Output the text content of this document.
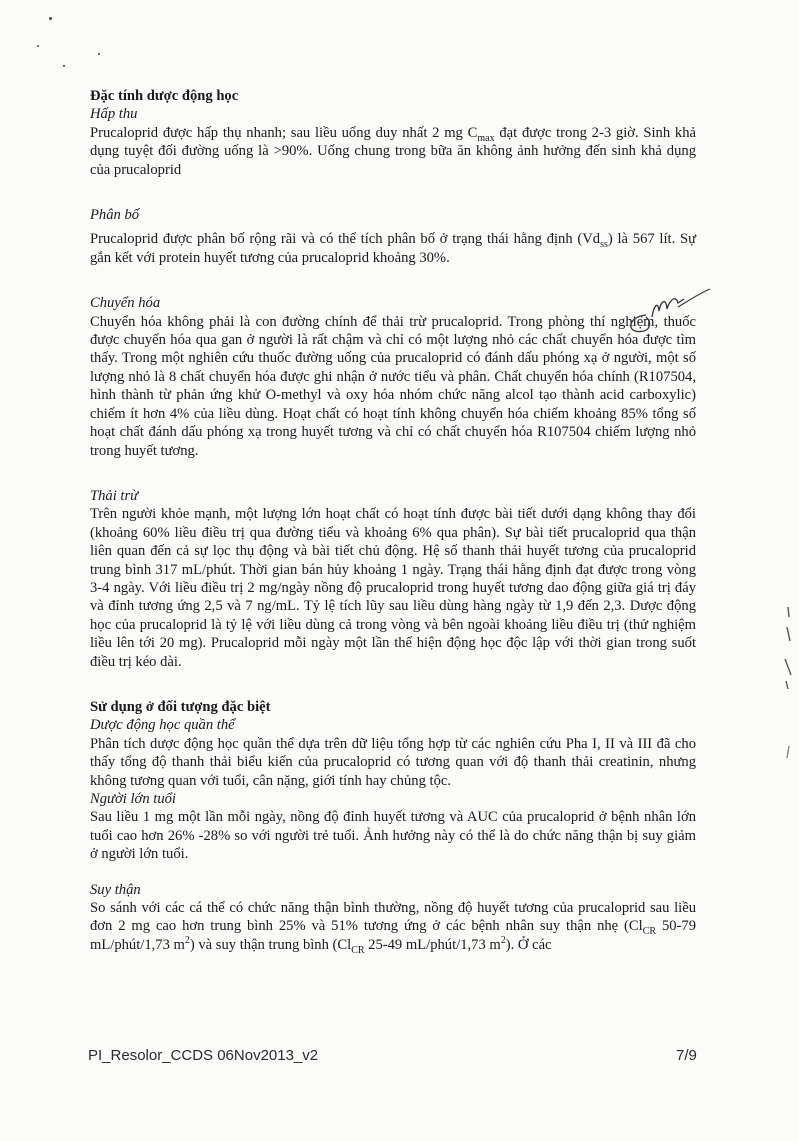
Đặc tính dược động học

Hấp thu

Prucaloprid được hấp thụ nhanh; sau liều uống duy nhất 2 mg $C_{max}$ đạt được trong 2-3 giờ. Sinh khả dụng tuyệt đối đường uống là >90%. Uống chung trong bữa ăn không ảnh hưởng đến sinh khả dụng của prucaloprid

Phân bố

Prucaloprid được phân bố rộng rãi và có thể tích phân bố ở trạng thái hằng định $(Vd_{ss})$ là 567 lít. Sự gắn kết với protein huyết tương của prucaloprid khoảng 30%.

Chuyển hóa

Chuyển hóa không phải là con đường chính để thải trừ prucaloprid. Trong phòng thí nghiệm, thuốc được chuyển hóa qua gan ở người là rất chậm và chỉ có một lượng nhỏ các chất chuyển hóa được tìm thấy. Trong một nghiên cứu thuốc đường uống của prucaloprid có đánh dấu phóng xạ ở người, một số lượng nhỏ là 8 chất chuyển hóa được ghi nhận ở nước tiểu và phân. Chất chuyển hóa chính (R107504, hình thành từ phản ứng khử O-methyl và oxy hóa nhóm chức năng alcol tạo thành acid carboxylic) chiếm ít hơn 4% của liều dùng. Hoạt chất có hoạt tính không chuyển hóa chiếm khoảng 85% tổng số hoạt chất đánh dấu phóng xạ trong huyết tương và chỉ có chất chuyển hóa R107504 chiếm lượng nhỏ trong huyết tương.

Thải trừ

Trên người khỏe mạnh, một lượng lớn hoạt chất có hoạt tính được bài tiết dưới dạng không thay đổi (khoảng 60% liều điều trị qua đường tiểu và khoảng 6% qua phân). Sự bài tiết prucaloprid qua thận liên quan đến cả sự lọc thụ động và bài tiết chủ động. Hệ số thanh thải huyết tương của prucaloprid trung bình 317 mL/phút. Thời gian bán hủy khoảng 1 ngày. Trạng thái hằng định đạt được trong vòng 3-4 ngày. Với liều điều trị 2 mg/ngày nồng độ prucaloprid trong huyết tương dao động giữa giá trị đáy và đỉnh tương ứng 2,5 và 7 ng/mL. Tỷ lệ tích lũy sau liều dùng hàng ngày từ 1,9 đến 2,3. Dược động học của prucaloprid là tỷ lệ với liều dùng cả trong vòng và bên ngoài khoảng liều điều trị (thử nghiệm liều lên tới 20 mg). Prucaloprid mỗi ngày một lần thể hiện động học độc lập với thời gian trong suốt điều trị kéo dài.

Sử dụng ở đối tượng đặc biệt

Dược động học quần thể

Phân tích dược động học quần thể dựa trên dữ liệu tổng hợp từ các nghiên cứu Pha I, II và III đã cho thấy tổng độ thanh thải biểu kiến của prucaloprid có tương quan với độ thanh thải creatinin, nhưng không tương quan với tuổi, cân nặng, giới tính hay chủng tộc.

Người lớn tuổi

Sau liều 1 mg một lần mỗi ngày, nồng độ đỉnh huyết tương và AUC của prucaloprid ở bệnh nhân lớn tuổi cao hơn 26% -28% so với người trẻ tuổi. Ảnh hưởng này có thể là do chức năng thận bị suy giảm ở người lớn tuổi.

Suy thận

So sánh với các cá thể có chức năng thận bình thường, nồng độ huyết tương của prucaloprid sau liều đơn 2 mg cao hơn trung bình 25% và 51% tương ứng ở các bệnh nhân suy thận nhẹ ($Cl_{CR}$ 50-79 mL/phút/1,73 $m^2$) và suy thận trung bình ($Cl_{CR}$ 25-49 mL/phút/1,73 $m^2$). Ở các

PI_Resolor_CCDS 06Nov2013_v2	7/9
